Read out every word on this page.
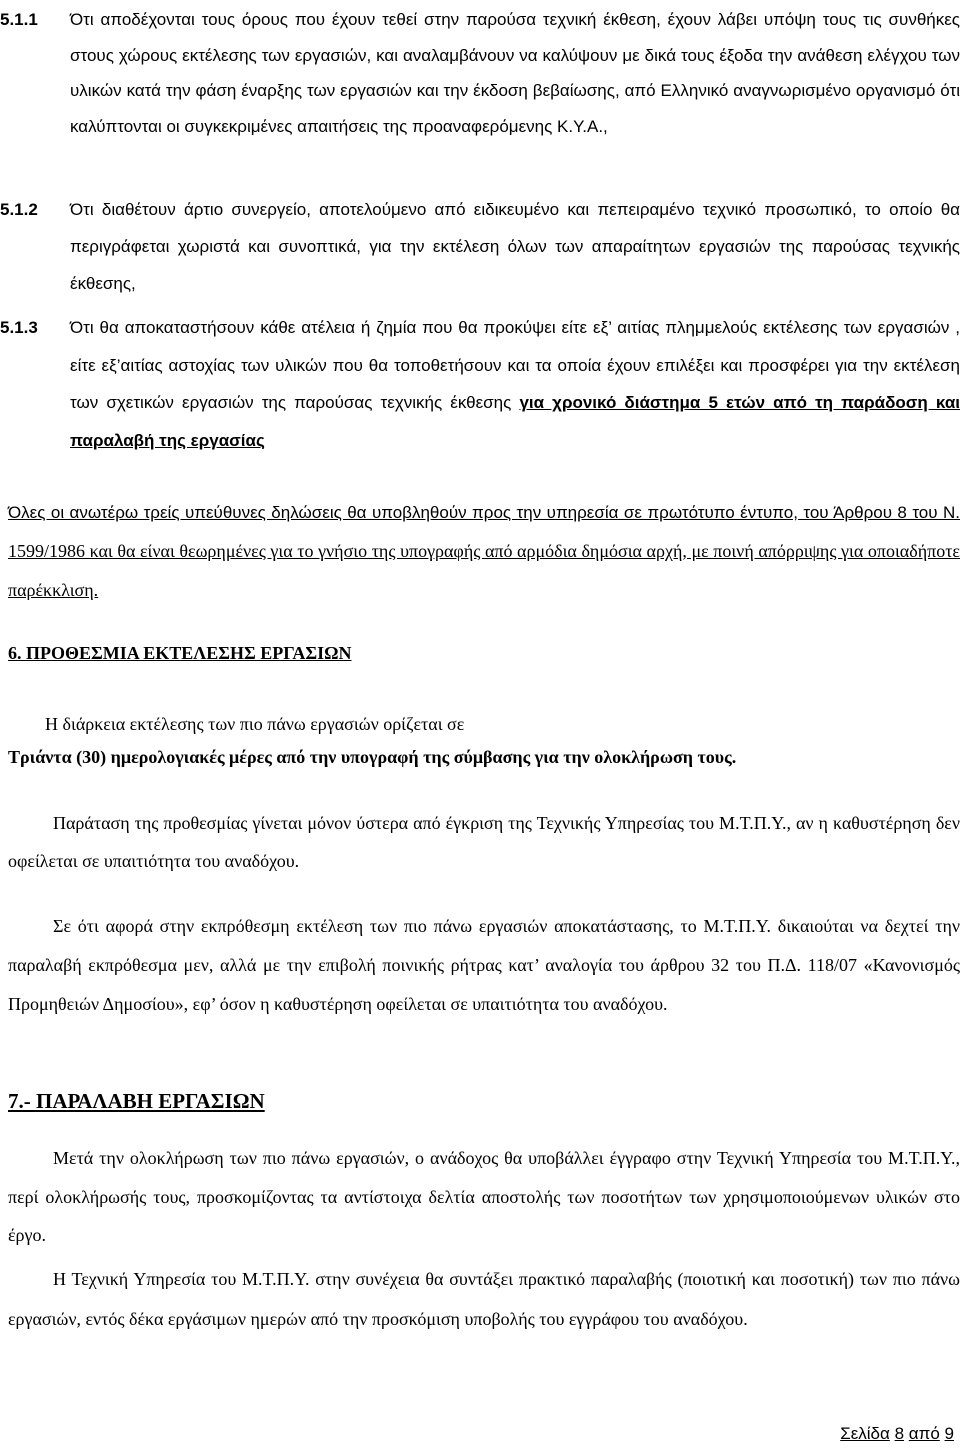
5.1.1 Ότι αποδέχονται τους όρους που έχουν τεθεί στην παρούσα τεχνική έκθεση, έχουν λάβει υπόψη τους τις συνθήκες στους χώρους εκτέλεσης των εργασιών, και αναλαμβάνουν να καλύψουν με δικά τους έξοδα την ανάθεση ελέγχου των υλικών κατά την φάση έναρξης των εργασιών και την έκδοση βεβαίωσης, από Ελληνικό αναγνωρισμένο οργανισμό ότι καλύπτονται οι συγκεκριμένες απαιτήσεις της προαναφερόμενης Κ.Υ.Α.,
5.1.2 Ότι διαθέτουν άρτιο συνεργείο, αποτελούμενο από ειδικευμένο και πεπειραμένο τεχνικό προσωπικό, το οποίο θα περιγράφεται χωριστά και συνοπτικά, για την εκτέλεση όλων των απαραίτητων εργασιών της παρούσας τεχνικής έκθεσης,
5.1.3 Ότι θα αποκαταστήσουν κάθε ατέλεια ή ζημία που θα προκύψει είτε εξ’ αιτίας πλημμελούς εκτέλεσης των εργασιών , είτε εξ’αιτίας αστοχίας των υλικών που θα τοποθετήσουν και τα οποία έχουν επιλέξει και προσφέρει για την εκτέλεση των σχετικών εργασιών της παρούσας τεχνικής έκθεσης για χρονικό διάστημα 5 ετών από τη παράδοση και παραλαβή της εργασίας
Όλες οι ανωτέρω τρείς υπεύθυνες δηλώσεις θα υποβληθούν προς την υπηρεσία σε πρωτότυπο έντυπο, του Άρθρου 8 του Ν. 1599/1986 και θα είναι θεωρημένες για το γνήσιο της υπογραφής από αρμόδια δημόσια αρχή, με ποινή απόρριψης για οποιαδήποτε παρέκκλιση.
6. ΠΡΟΘΕΣΜΙΑ ΕΚΤΕΛΕΣΗΣ ΕΡΓΑΣΙΩΝ
Η διάρκεια εκτέλεσης των πιο πάνω εργασιών ορίζεται σε
Τριάντα (30) ημερολογιακές μέρες από την υπογραφή της σύμβασης για την ολοκλήρωση τους.
Παράταση της προθεσμίας γίνεται μόνον ύστερα από έγκριση της Τεχνικής Υπηρεσίας του Μ.Τ.Π.Υ., αν η καθυστέρηση δεν οφείλεται σε υπαιτιότητα του αναδόχου.
Σε ότι αφορά στην εκπρόθεσμη εκτέλεση των πιο πάνω εργασιών αποκατάστασης, το Μ.Τ.Π.Υ. δικαιούται να δεχτεί την παραλαβή εκπρόθεσμα μεν, αλλά με την επιβολή ποινικής ρήτρας κατ’ αναλογία του άρθρου 32 του Π.Δ. 118/07 «Κανονισμός Προμηθειών Δημοσίου», εφ’ όσον η καθυστέρηση οφείλεται σε υπαιτιότητα του αναδόχου.
7.- ΠΑΡΑΛΑΒΗ ΕΡΓΑΣΙΩΝ
Μετά την ολοκλήρωση των πιο πάνω εργασιών, ο ανάδοχος θα υποβάλλει έγγραφο στην Τεχνική Υπηρεσία του Μ.Τ.Π.Υ., περί ολοκλήρωσής τους, προσκομίζοντας τα αντίστοιχα δελτία αποστολής των ποσοτήτων των χρησιμοποιούμενων υλικών στο έργο.
Η Τεχνική Υπηρεσία του Μ.Τ.Π.Υ. στην συνέχεια θα συντάξει πρακτικό παραλαβής (ποιοτική και ποσοτική) των πιο πάνω εργασιών, εντός δέκα εργάσιμων ημερών από την προσκόμιση υποβολής του εγγράφου του αναδόχου.
Σελίδα 8 από 9
